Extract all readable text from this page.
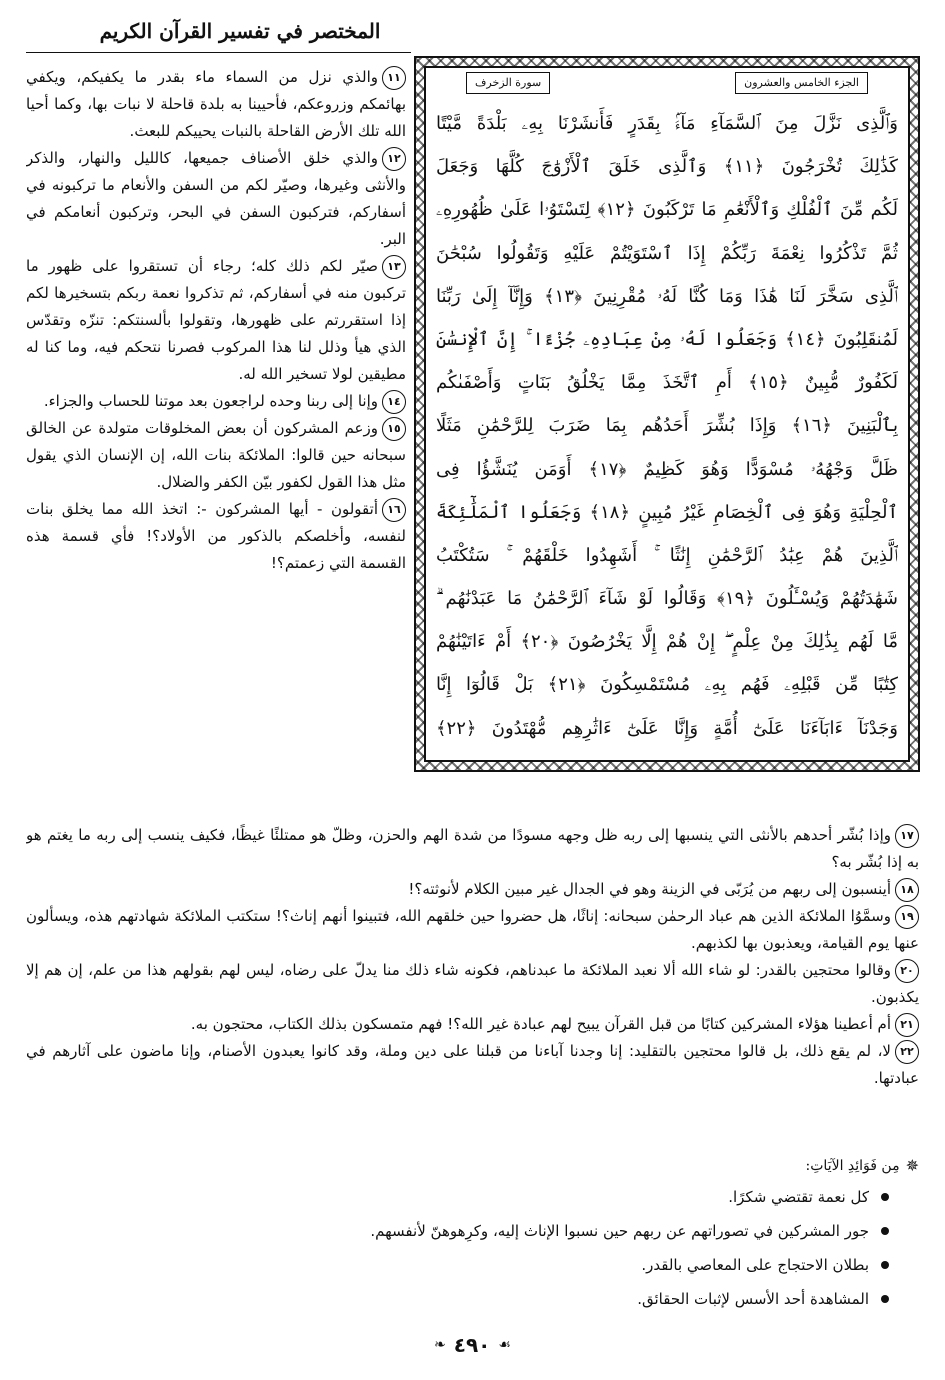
المختصر في تفسير القرآن الكريم
الجزء الخامس والعشرون
سورة الزخرف
وَٱلَّذِى نَزَّلَ مِنَ ٱلسَّمَآءِ مَآءَۢ بِقَدَرٍ فَأَنشَرْنَا بِهِۦ بَلْدَةً مَّيْتًا
كَذَٰلِكَ تُخْرَجُونَ ﴿١١﴾ وَٱلَّذِى خَلَقَ ٱلْأَزْوَٰجَ كُلَّهَا وَجَعَلَ
لَكُم مِّنَ ٱلْفُلْكِ وَٱلْأَنْعَٰمِ مَا تَرْكَبُونَ ﴿١٢﴾ لِتَسْتَوُۥا عَلَىٰ ظُهُورِهِۦ
ثُمَّ تَذْكُرُوا نِعْمَةَ رَبِّكُمْ إِذَا ٱسْتَوَيْتُمْ عَلَيْهِ وَتَقُولُوا سُبْحَٰنَ
ٱلَّذِى سَخَّرَ لَنَا هَٰذَا وَمَا كُنَّا لَهُۥ مُقْرِنِينَ ﴿١٣﴾ وَإِنَّآ إِلَىٰ رَبِّنَا
لَمُنقَلِبُونَ ﴿١٤﴾ وَجَعَلُوا لَهُۥ مِنْ عِبَادِهِۦ جُزْءًا ۚ إِنَّ ٱلْإِنسَٰنَ
لَكَفُورٌ مُّبِينٌ ﴿١٥﴾ أَمِ ٱتَّخَذَ مِمَّا يَخْلُقُ بَنَاتٍ وَأَصْفَىٰكُم
بِٱلْبَنِينَ ﴿١٦﴾ وَإِذَا بُشِّرَ أَحَدُهُم بِمَا ضَرَبَ لِلرَّحْمَٰنِ مَثَلًا
ظَلَّ وَجْهُهُۥ مُسْوَدًّا وَهُوَ كَظِيمٌ ﴿١٧﴾ أَوَمَن يُنَشَّؤُا فِى
ٱلْحِلْيَةِ وَهُوَ فِى ٱلْخِصَامِ غَيْرُ مُبِينٍ ﴿١٨﴾ وَجَعَلُوا ٱلْمَلَٰٓئِكَةَ
ٱلَّذِينَ هُمْ عِبَٰدُ ٱلرَّحْمَٰنِ إِنَٰثًا ۚ أَشَهِدُوا خَلْقَهُمْ ۚ سَتُكْتَبُ
شَهَٰدَتُهُمْ وَيُسْـَٔلُونَ ﴿١٩﴾ وَقَالُوا لَوْ شَآءَ ٱلرَّحْمَٰنُ مَا عَبَدْنَٰهُم ۗ
مَّا لَهُم بِذَٰلِكَ مِنْ عِلْمٍ ۖ إِنْ هُمْ إِلَّا يَخْرُصُونَ ﴿٢٠﴾ أَمْ ءَاتَيْنَٰهُمْ
كِتَٰبًا مِّن قَبْلِهِۦ فَهُم بِهِۦ مُسْتَمْسِكُونَ ﴿٢١﴾ بَلْ قَالُوٓا إِنَّا
وَجَدْنَآ ءَابَآءَنَا عَلَىٰٓ أُمَّةٍ وَإِنَّا عَلَىٰٓ ءَاثَٰرِهِم مُّهْتَدُونَ ﴿٢٢﴾

١١والذي نزل من السماء ماء بقدر ما يكفيكم، ويكفي بهائمكم وزروعكم، فأحيينا به بلدة قاحلة لا نبات بها، وكما أحيا الله تلك الأرض القاحلة بالنبات يحييكم للبعث.

١٢والذي خلق الأصناف جميعها، كالليل والنهار، والذكر والأنثى وغيرها، وصيّر لكم من السفن والأنعام ما تركبونه في أسفاركم، فتركبون السفن في البحر، وتركبون أنعامكم في البر.

١٣صيّر لكم ذلك كله؛ رجاء أن تستقروا على ظهور ما تركبون منه في أسفاركم، ثم تذكروا نعمة ربكم بتسخيرها لكم إذا استقررتم على ظهورها، وتقولوا بألسنتكم: تنزّه وتقدّس الذي هيأ وذلل لنا هذا المركوب فصرنا نتحكم فيه، وما كنا له مطيقين لولا تسخير الله له.

١٤وإنا إلى ربنا وحده لراجعون بعد موتنا للحساب والجزاء.

١٥وزعم المشركون أن بعض المخلوقات متولدة عن الخالق سبحانه حين قالوا: الملائكة بنات الله، إن الإنسان الذي يقول مثل هذا القول لكفور بيّن الكفر والضلال.

١٦أتقولون - أيها المشركون -: اتخذ الله مما يخلق بنات لنفسه، وأخلصكم بالذكور من الأولاد؟! فأي قسمة هذه القسمة التي زعمتم؟!

١٧وإذا بُشّر أحدهم بالأنثى التي ينسبها إلى ربه ظل وجهه مسودًا من شدة الهم والحزن، وظلّ هو ممتلئًا غيظًا، فكيف ينسب إلى ربه ما يغتم هو به إذا بُشّر به؟

١٨أينسبون إلى ربهم من يُرَبّى في الزينة وهو في الجدال غير مبين الكلام لأنوثته؟!

١٩وسمَّوُا الملائكة الذين هم عباد الرحمٰن سبحانه: إناثًا، هل حضروا حين خلقهم الله، فتبينوا أنهم إناث؟! ستكتب الملائكة شهادتهم هذه، ويسألون عنها يوم القيامة، ويعذبون بها لكذبهم.

٢٠وقالوا محتجين بالقدر: لو شاء الله ألا نعبد الملائكة ما عبدناهم، فكونه شاء ذلك منا يدلّ على رضاه، ليس لهم بقولهم هذا من علم، إن هم إلا يكذبون.

٢١أم أعطينا هؤلاء المشركين كتابًا من قبل القرآن يبيح لهم عبادة غير الله؟! فهم متمسكون بذلك الكتاب، محتجون به.

٢٢لا، لم يقع ذلك، بل قالوا محتجين بالتقليد: إنا وجدنا آباءنا من قبلنا على دين وملة، وقد كانوا يعبدون الأصنام، وإنا ماضون على آثارهم في عبادتها.

✵
مِن فَوَائِدِ الآيَاتِ:
كل نعمة تقتضي شكرًا.
جور المشركين في تصوراتهم عن ربهم حين نسبوا الإناث إليه، وكرِهوهنّ لأنفسهم.
بطلان الاحتجاج على المعاصي بالقدر.
المشاهدة أحد الأسس لإثبات الحقائق.
❧ ٤٩٠ ☙
